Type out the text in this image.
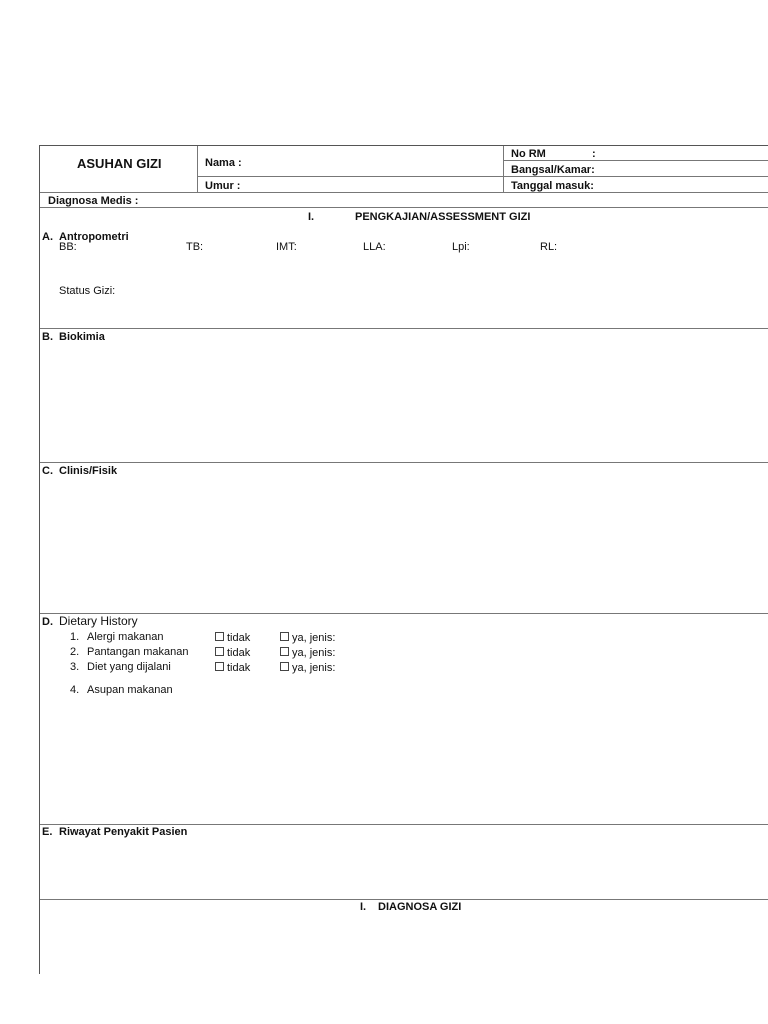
ASUHAN GIZI	Nama :
Umur :
No RM	:
Bangsal/Kamar:
Tanggal masuk:
Diagnosa Medis :
I.	PENGKAJIAN/ASSESSMENT GIZI
A. Antropometri
BB:	TB:	IMT:	LLA:	Lpi:	RL:
Status Gizi:
B. Biokimia
C. Clinis/Fisik
D. Dietary History
1. Alergi makanan	tidak	ya, jenis:
2. Pantangan makanan	tidak	ya, jenis:
3. Diet yang dijalani	tidak	ya, jenis:
4. Asupan makanan
E. Riwayat Penyakit Pasien
I. DIAGNOSA GIZI
